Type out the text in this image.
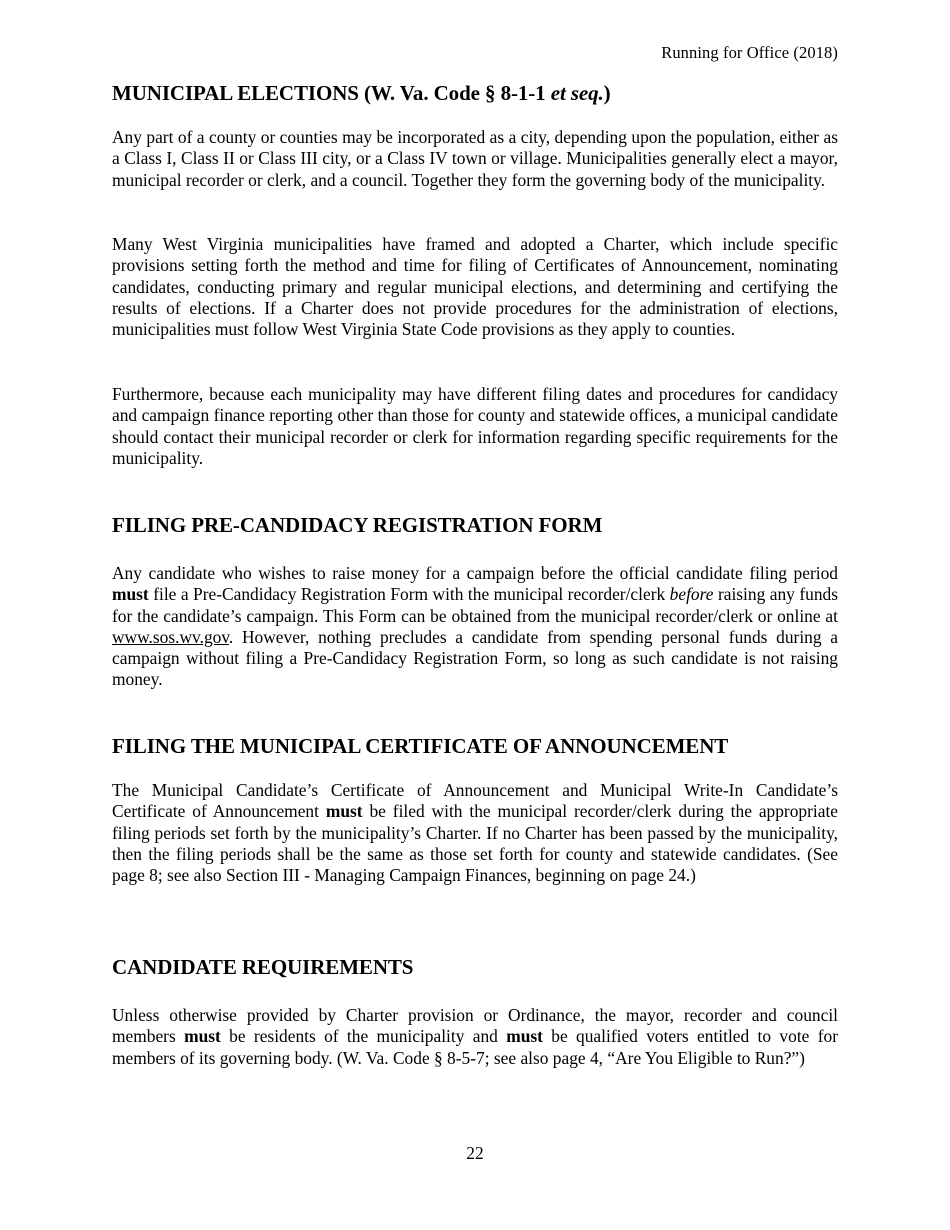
Running for Office (2018)
MUNICIPAL ELECTIONS (W. Va. Code § 8-1-1 et seq.)

Any part of a county or counties may be incorporated as a city, depending upon the population, either as a Class I, Class II or Class III city, or a Class IV town or village. Municipalities generally elect a mayor, municipal recorder or clerk, and a council. Together they form the governing body of the municipality.

Many West Virginia municipalities have framed and adopted a Charter, which include specific provisions setting forth the method and time for filing of Certificates of Announcement, nominating candidates, conducting primary and regular municipal elections, and determining and certifying the results of elections. If a Charter does not provide procedures for the administration of elections, municipalities must follow West Virginia State Code provisions as they apply to counties.

Furthermore, because each municipality may have different filing dates and procedures for candidacy and campaign finance reporting other than those for county and statewide offices, a municipal candidate should contact their municipal recorder or clerk for information regarding specific requirements for the municipality.

FILING PRE-CANDIDACY REGISTRATION FORM

Any candidate who wishes to raise money for a campaign before the official candidate filing period must file a Pre-Candidacy Registration Form with the municipal recorder/clerk before raising any funds for the candidate’s campaign. This Form can be obtained from the municipal recorder/clerk or online at www.sos.wv.gov. However, nothing precludes a candidate from spending personal funds during a campaign without filing a Pre-Candidacy Registration Form, so long as such candidate is not raising money.

FILING THE MUNICIPAL CERTIFICATE OF ANNOUNCEMENT

The Municipal Candidate’s Certificate of Announcement and Municipal Write-In Candidate’s Certificate of Announcement must be filed with the municipal recorder/clerk during the appropriate filing periods set forth by the municipality’s Charter. If no Charter has been passed by the municipality, then the filing periods shall be the same as those set forth for county and statewide candidates. (See page 8; see also Section III - Managing Campaign Finances, beginning on page 24.)

CANDIDATE REQUIREMENTS

Unless otherwise provided by Charter provision or Ordinance, the mayor, recorder and council members must be residents of the municipality and must be qualified voters entitled to vote for members of its governing body. (W. Va. Code § 8-5-7; see also page 4, “Are You Eligible to Run?”)

22
